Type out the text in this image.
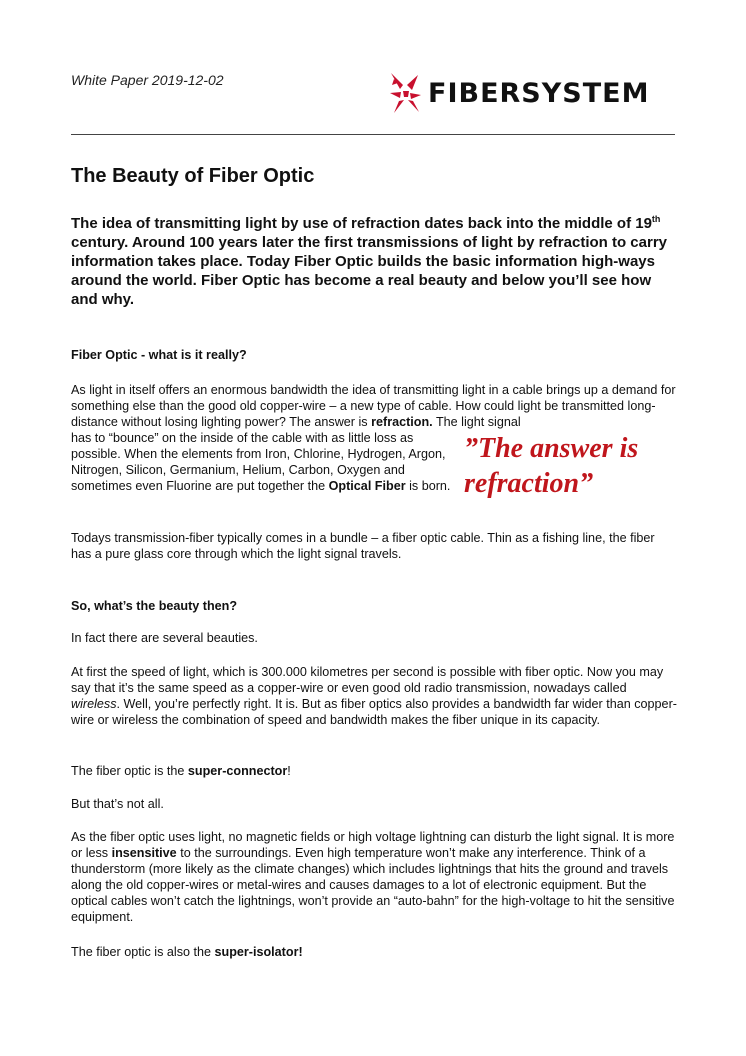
White Paper 2019-12-02	FIBERSYSTEM
The Beauty of Fiber Optic

The idea of transmitting light by use of refraction dates back into the middle of 19th century. Around 100 years later the first transmissions of light by refraction to carry information takes place. Today Fiber Optic builds the basic information high-ways around the world. Fiber Optic has become a real beauty and below you’ll see how and why.

Fiber Optic - what is it really?

As light in itself offers an enormous bandwidth the idea of transmitting light in a cable brings up a demand for something else than the good old copper-wire – a new type of cable. How could light be transmitted long-distance without losing lighting power? The answer is refraction. The light signal

has to “bounce” on the inside of the cable with as little loss as possible. When the elements from Iron, Chlorine, Hydrogen, Argon, Nitrogen, Silicon, Germanium, Helium, Carbon, Oxygen and sometimes even Fluorine are put together the Optical Fiber is born.

”The answer is refraction”

Todays transmission-fiber typically comes in a bundle – a fiber optic cable. Thin as a fishing line, the fiber has a pure glass core through which the light signal travels.

So, what’s the beauty then?

In fact there are several beauties.

At first the speed of light, which is 300.000 kilometres per second is possible with fiber optic. Now you may say that it’s the same speed as a copper-wire or even good old radio transmission, nowadays called wireless. Well, you’re perfectly right. It is. But as fiber optics also provides a bandwidth far wider than copper-wire or wireless the combination of speed and bandwidth makes the fiber unique in its capacity.

The fiber optic is the super-connector!

But that’s not all.

As the fiber optic uses light, no magnetic fields or high voltage lightning can disturb the light signal. It is more or less insensitive to the surroundings. Even high temperature won’t make any interference. Think of a thunderstorm (more likely as the climate changes) which includes lightnings that hits the ground and travels along the old copper-wires or metal-wires and causes damages to a lot of electronic equipment. But the optical cables won’t catch the lightnings, won’t provide an “auto-bahn” for the high-voltage to hit the sensitive equipment.

The fiber optic is also the super-isolator!
